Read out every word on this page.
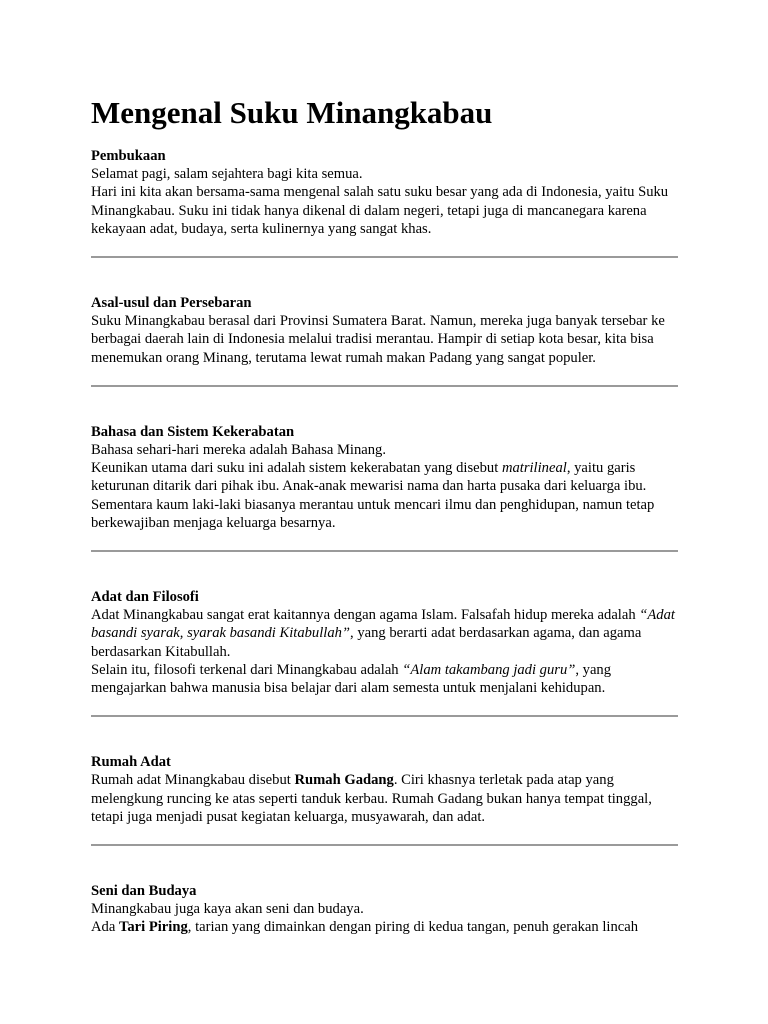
Mengenal Suku Minangkabau

Pembukaan

Selamat pagi, salam sejahtera bagi kita semua.

Hari ini kita akan bersama-sama mengenal salah satu suku besar yang ada di Indonesia, yaitu Suku Minangkabau. Suku ini tidak hanya dikenal di dalam negeri, tetapi juga di mancanegara karena kekayaan adat, budaya, serta kulinernya yang sangat khas.

Asal-usul dan Persebaran

Suku Minangkabau berasal dari Provinsi Sumatera Barat. Namun, mereka juga banyak tersebar ke berbagai daerah lain di Indonesia melalui tradisi merantau. Hampir di setiap kota besar, kita bisa menemukan orang Minang, terutama lewat rumah makan Padang yang sangat populer.

Bahasa dan Sistem Kekerabatan

Bahasa sehari-hari mereka adalah Bahasa Minang.

Keunikan utama dari suku ini adalah sistem kekerabatan yang disebut matrilineal, yaitu garis keturunan ditarik dari pihak ibu. Anak-anak mewarisi nama dan harta pusaka dari keluarga ibu. Sementara kaum laki-laki biasanya merantau untuk mencari ilmu dan penghidupan, namun tetap berkewajiban menjaga keluarga besarnya.

Adat dan Filosofi

Adat Minangkabau sangat erat kaitannya dengan agama Islam. Falsafah hidup mereka adalah “Adat basandi syarak, syarak basandi Kitabullah”, yang berarti adat berdasarkan agama, dan agama berdasarkan Kitabullah.

Selain itu, filosofi terkenal dari Minangkabau adalah “Alam takambang jadi guru”, yang mengajarkan bahwa manusia bisa belajar dari alam semesta untuk menjalani kehidupan.

Rumah Adat

Rumah adat Minangkabau disebut Rumah Gadang. Ciri khasnya terletak pada atap yang melengkung runcing ke atas seperti tanduk kerbau. Rumah Gadang bukan hanya tempat tinggal, tetapi juga menjadi pusat kegiatan keluarga, musyawarah, dan adat.

Seni dan Budaya

Minangkabau juga kaya akan seni dan budaya.

Ada Tari Piring, tarian yang dimainkan dengan piring di kedua tangan, penuh gerakan lincah
